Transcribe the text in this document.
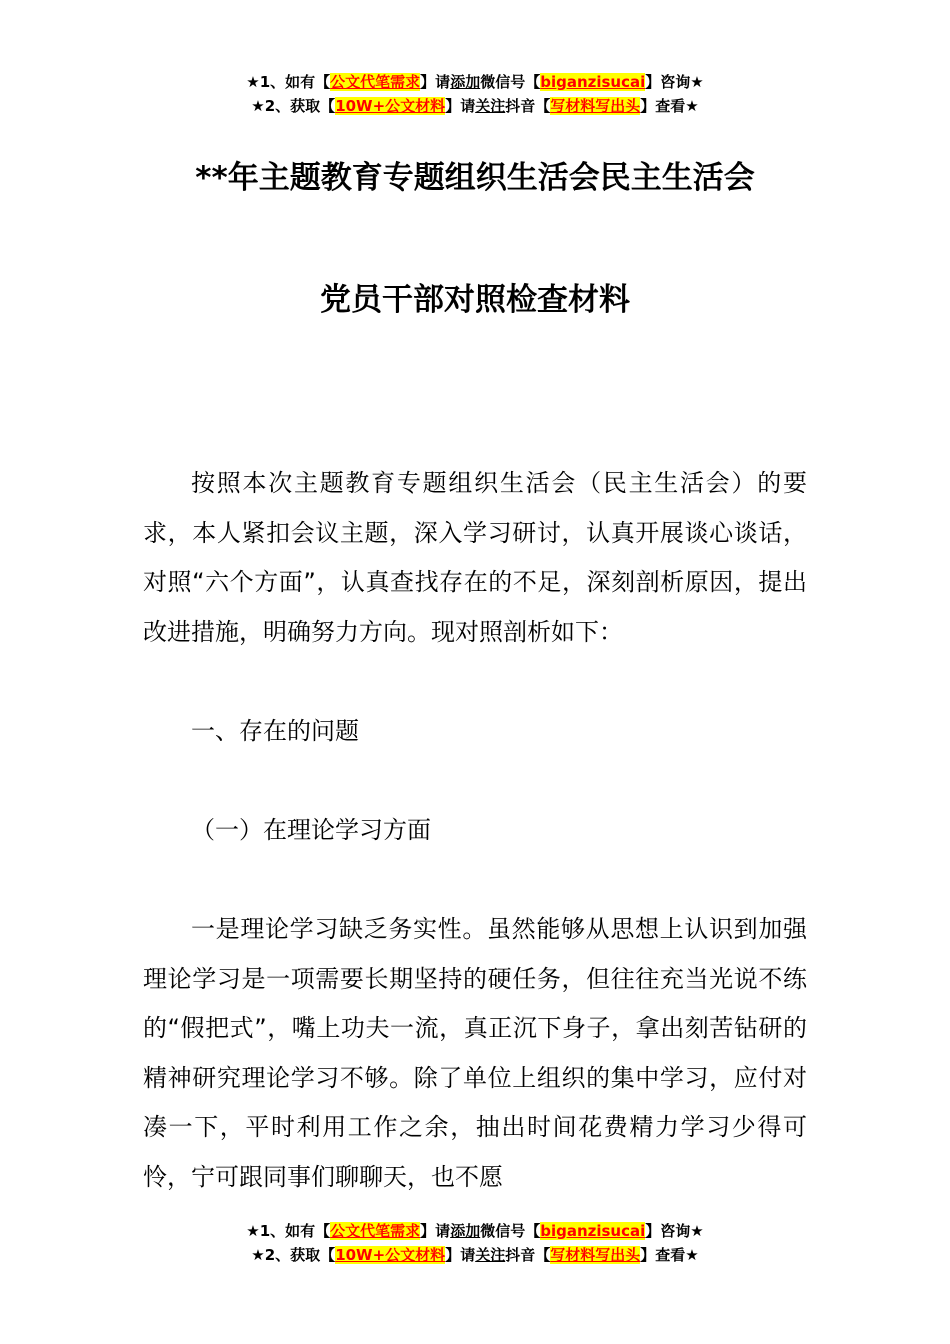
★1、如有【公文代笔需求】请添加微信号【biganzisucai】咨询★
★2、获取【10W+公文材料】请关注抖音【写材料写出头】查看★
**年主题教育专题组织生活会民主生活会
党员干部对照检查材料

按照本次主题教育专题组织生活会（民主生活会）的要求，本人紧扣会议主题，深入学习研讨，认真开展谈心谈话，对照“六个方面”，认真查找存在的不足，深刻剖析原因，提出改进措施，明确努力方向。现对照剖析如下：

一、存在的问题

（一）在理论学习方面

一是理论学习缺乏务实性。虽然能够从思想上认识到加强理论学习是一项需要长期坚持的硬任务，但往往充当光说不练的“假把式”，嘴上功夫一流，真正沉下身子，拿出刻苦钻研的精神研究理论学习不够。除了单位上组织的集中学习，应付对凑一下，平时利用工作之余，抽出时间花费精力学习少得可怜，宁可跟同事们聊聊天，也不愿

★1、如有【公文代笔需求】请添加微信号【biganzisucai】咨询★
★2、获取【10W+公文材料】请关注抖音【写材料写出头】查看★
